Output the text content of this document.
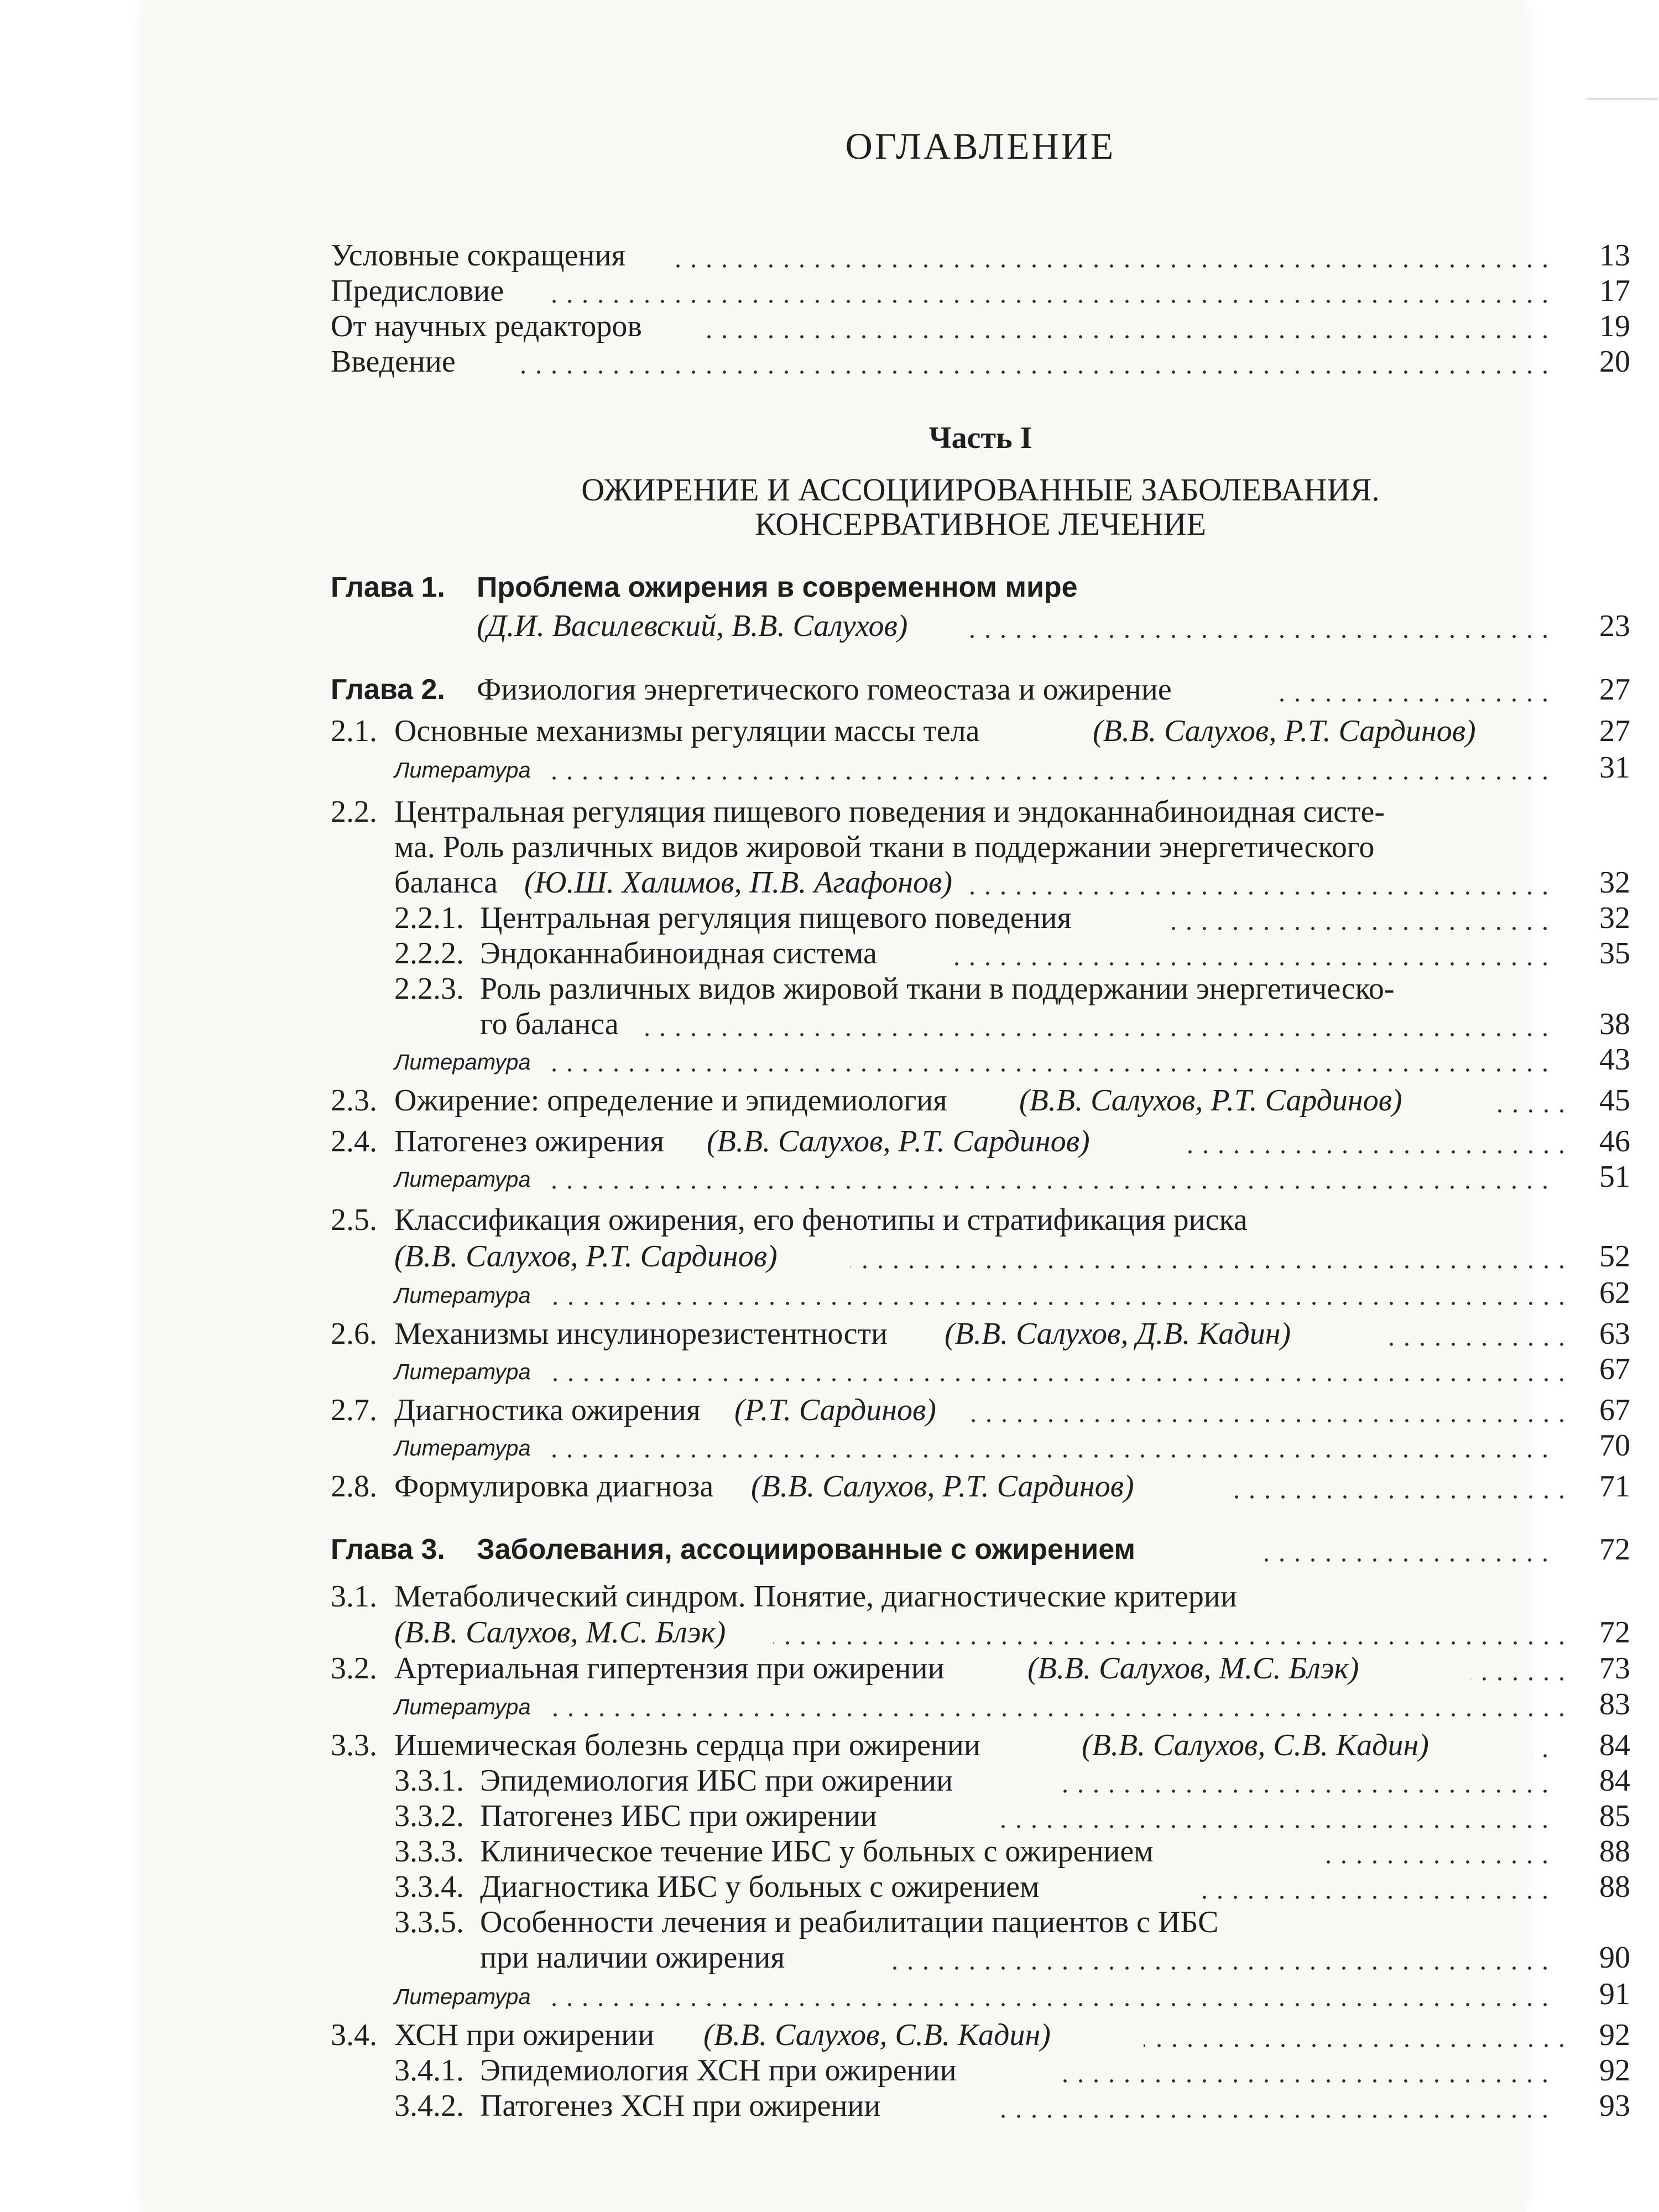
ОГЛАВЛЕНИЕ
Условные сокращения	13
Предисловие	17
От научных редакторов	19
Введение	20
Часть I
ОЖИРЕНИЕ И АССОЦИИРОВАННЫЕ ЗАБОЛЕВАНИЯ.
КОНСЕРВАТИВНОЕ ЛЕЧЕНИЕ
Глава 1. Проблема ожирения в современном мире
(Д.И. Василевский, В.В. Салухов)	23
Глава 2. Физиология энергетического гомеостаза и ожирение	27
2.1. Основные механизмы регуляции массы тела	(В.В. Салухов, Р.Т. Сардинов)	27
Литература	31
2.2. Центральная регуляция пищевого поведения и эндоканнабиноидная систе-
ма. Роль различных видов жировой ткани в поддержании энергетического
баланса (Ю.Ш. Халимов, П.В. Агафонов)	32
2.2.1. Центральная регуляция пищевого поведения	32
2.2.2. Эндоканнабиноидная система	35
2.2.3. Роль различных видов жировой ткани в поддержании энергетическо-
го баланса	38
Литература	43
2.3. Ожирение: определение и эпидемиология (В.В. Салухов, Р.Т. Сардинов)	45
2.4. Патогенез ожирения (В.В. Салухов, Р.Т. Сардинов)	46
Литература	51
2.5. Классификация ожирения, его фенотипы и стратификация риска
(В.В. Салухов, Р.Т. Сардинов)	52
Литература	62
2.6. Механизмы инсулинорезистентности (В.В. Салухов, Д.В. Кадин)	63
Литература	67
2.7. Диагностика ожирения (Р.Т. Сардинов)	67
Литература	70
2.8. Формулировка диагноза (В.В. Салухов, Р.Т. Сардинов)	71
Глава 3. Заболевания, ассоциированные с ожирением	72
3.1. Метаболический синдром. Понятие, диагностические критерии
(В.В. Салухов, М.С. Блэк)	72
3.2. Артериальная гипертензия при ожирении	(В.В. Салухов, М.С. Блэк)	73
Литература	83
3.3. Ишемическая болезнь сердца при ожирении	(В.В. Салухов, С.В. Кадин)	84
3.3.1. Эпидемиология ИБС при ожирении	84
3.3.2. Патогенез ИБС при ожирении	85
3.3.3. Клиническое течение ИБС у больных с ожирением	88
3.3.4. Диагностика ИБС у больных с ожирением	88
3.3.5. Особенности лечения и реабилитации пациентов с ИБС
при наличии ожирения	90
Литература	91
3.4. ХСН при ожирении (В.В. Салухов, С.В. Кадин)	92
3.4.1. Эпидемиология ХСН при ожирении	92
3.4.2. Патогенез ХСН при ожирении	93
